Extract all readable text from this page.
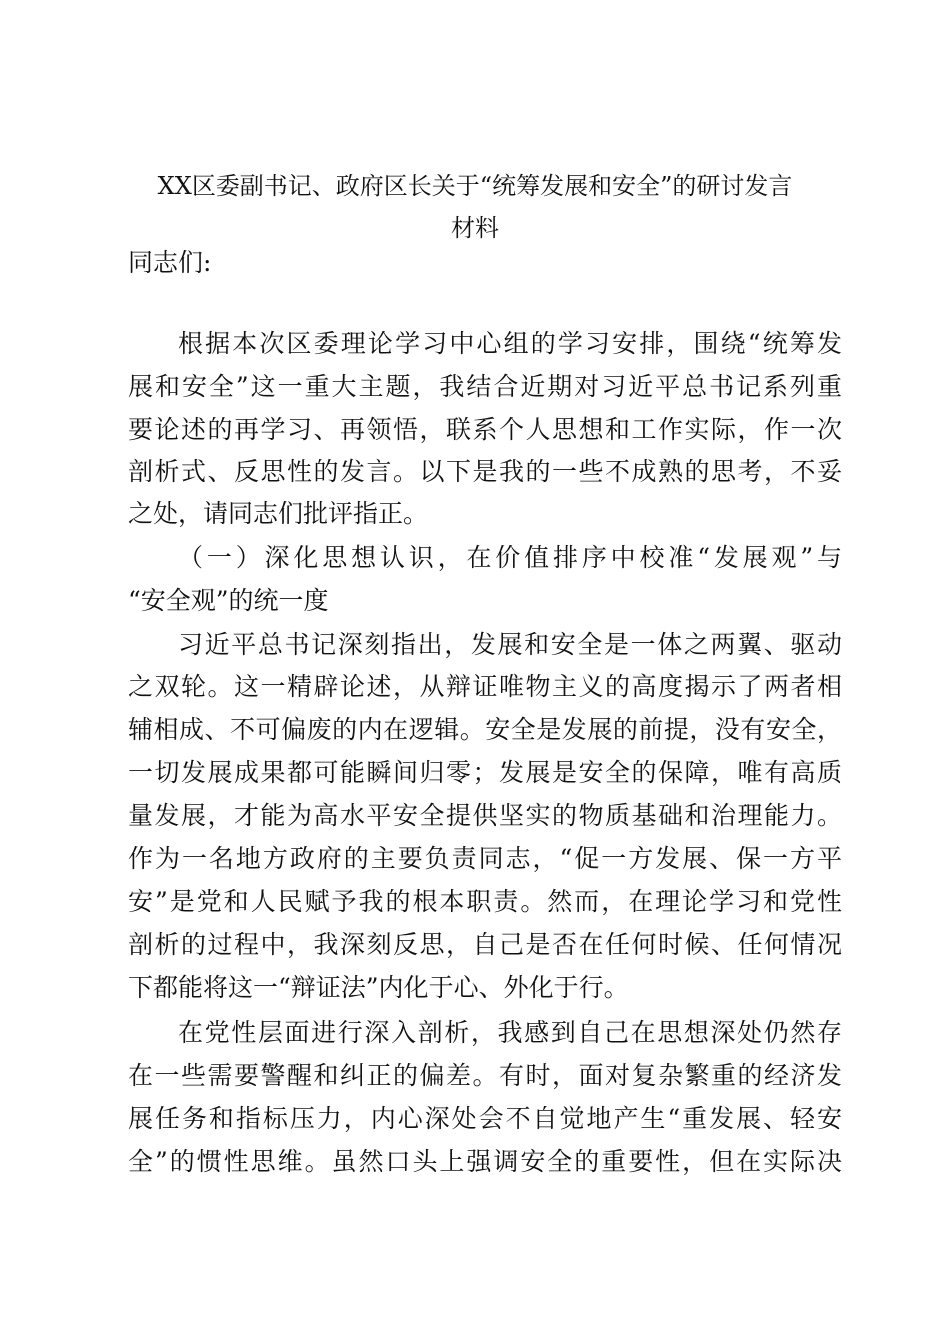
XX区委副书记、政府区长关于“统筹发展和安全”的研讨发言
材料
同志们:
根据本次区委理论学习中心组的学习安排，围绕“统筹发
展和安全”这一重大主题，我结合近期对习近平总书记系列重
要论述的再学习、再领悟，联系个人思想和工作实际，作一次
剖析式、反思性的发言。以下是我的一些不成熟的思考，不妥
之处，请同志们批评指正。
（一）深化思想认识，在价值排序中校准“发展观”与
“安全观”的统一度
习近平总书记深刻指出，发展和安全是一体之两翼、驱动
之双轮。这一精辟论述，从辩证唯物主义的高度揭示了两者相
辅相成、不可偏废的内在逻辑。安全是发展的前提，没有安全，
一切发展成果都可能瞬间归零；发展是安全的保障，唯有高质
量发展，才能为高水平安全提供坚实的物质基础和治理能力。
作为一名地方政府的主要负责同志，“促一方发展、保一方平
安”是党和人民赋予我的根本职责。然而，在理论学习和党性
剖析的过程中，我深刻反思，自己是否在任何时候、任何情况
下都能将这一“辩证法”内化于心、外化于行。
在党性层面进行深入剖析，我感到自己在思想深处仍然存
在一些需要警醒和纠正的偏差。有时，面对复杂繁重的经济发
展任务和指标压力，内心深处会不自觉地产生“重发展、轻安
全”的惯性思维。虽然口头上强调安全的重要性，但在实际决
